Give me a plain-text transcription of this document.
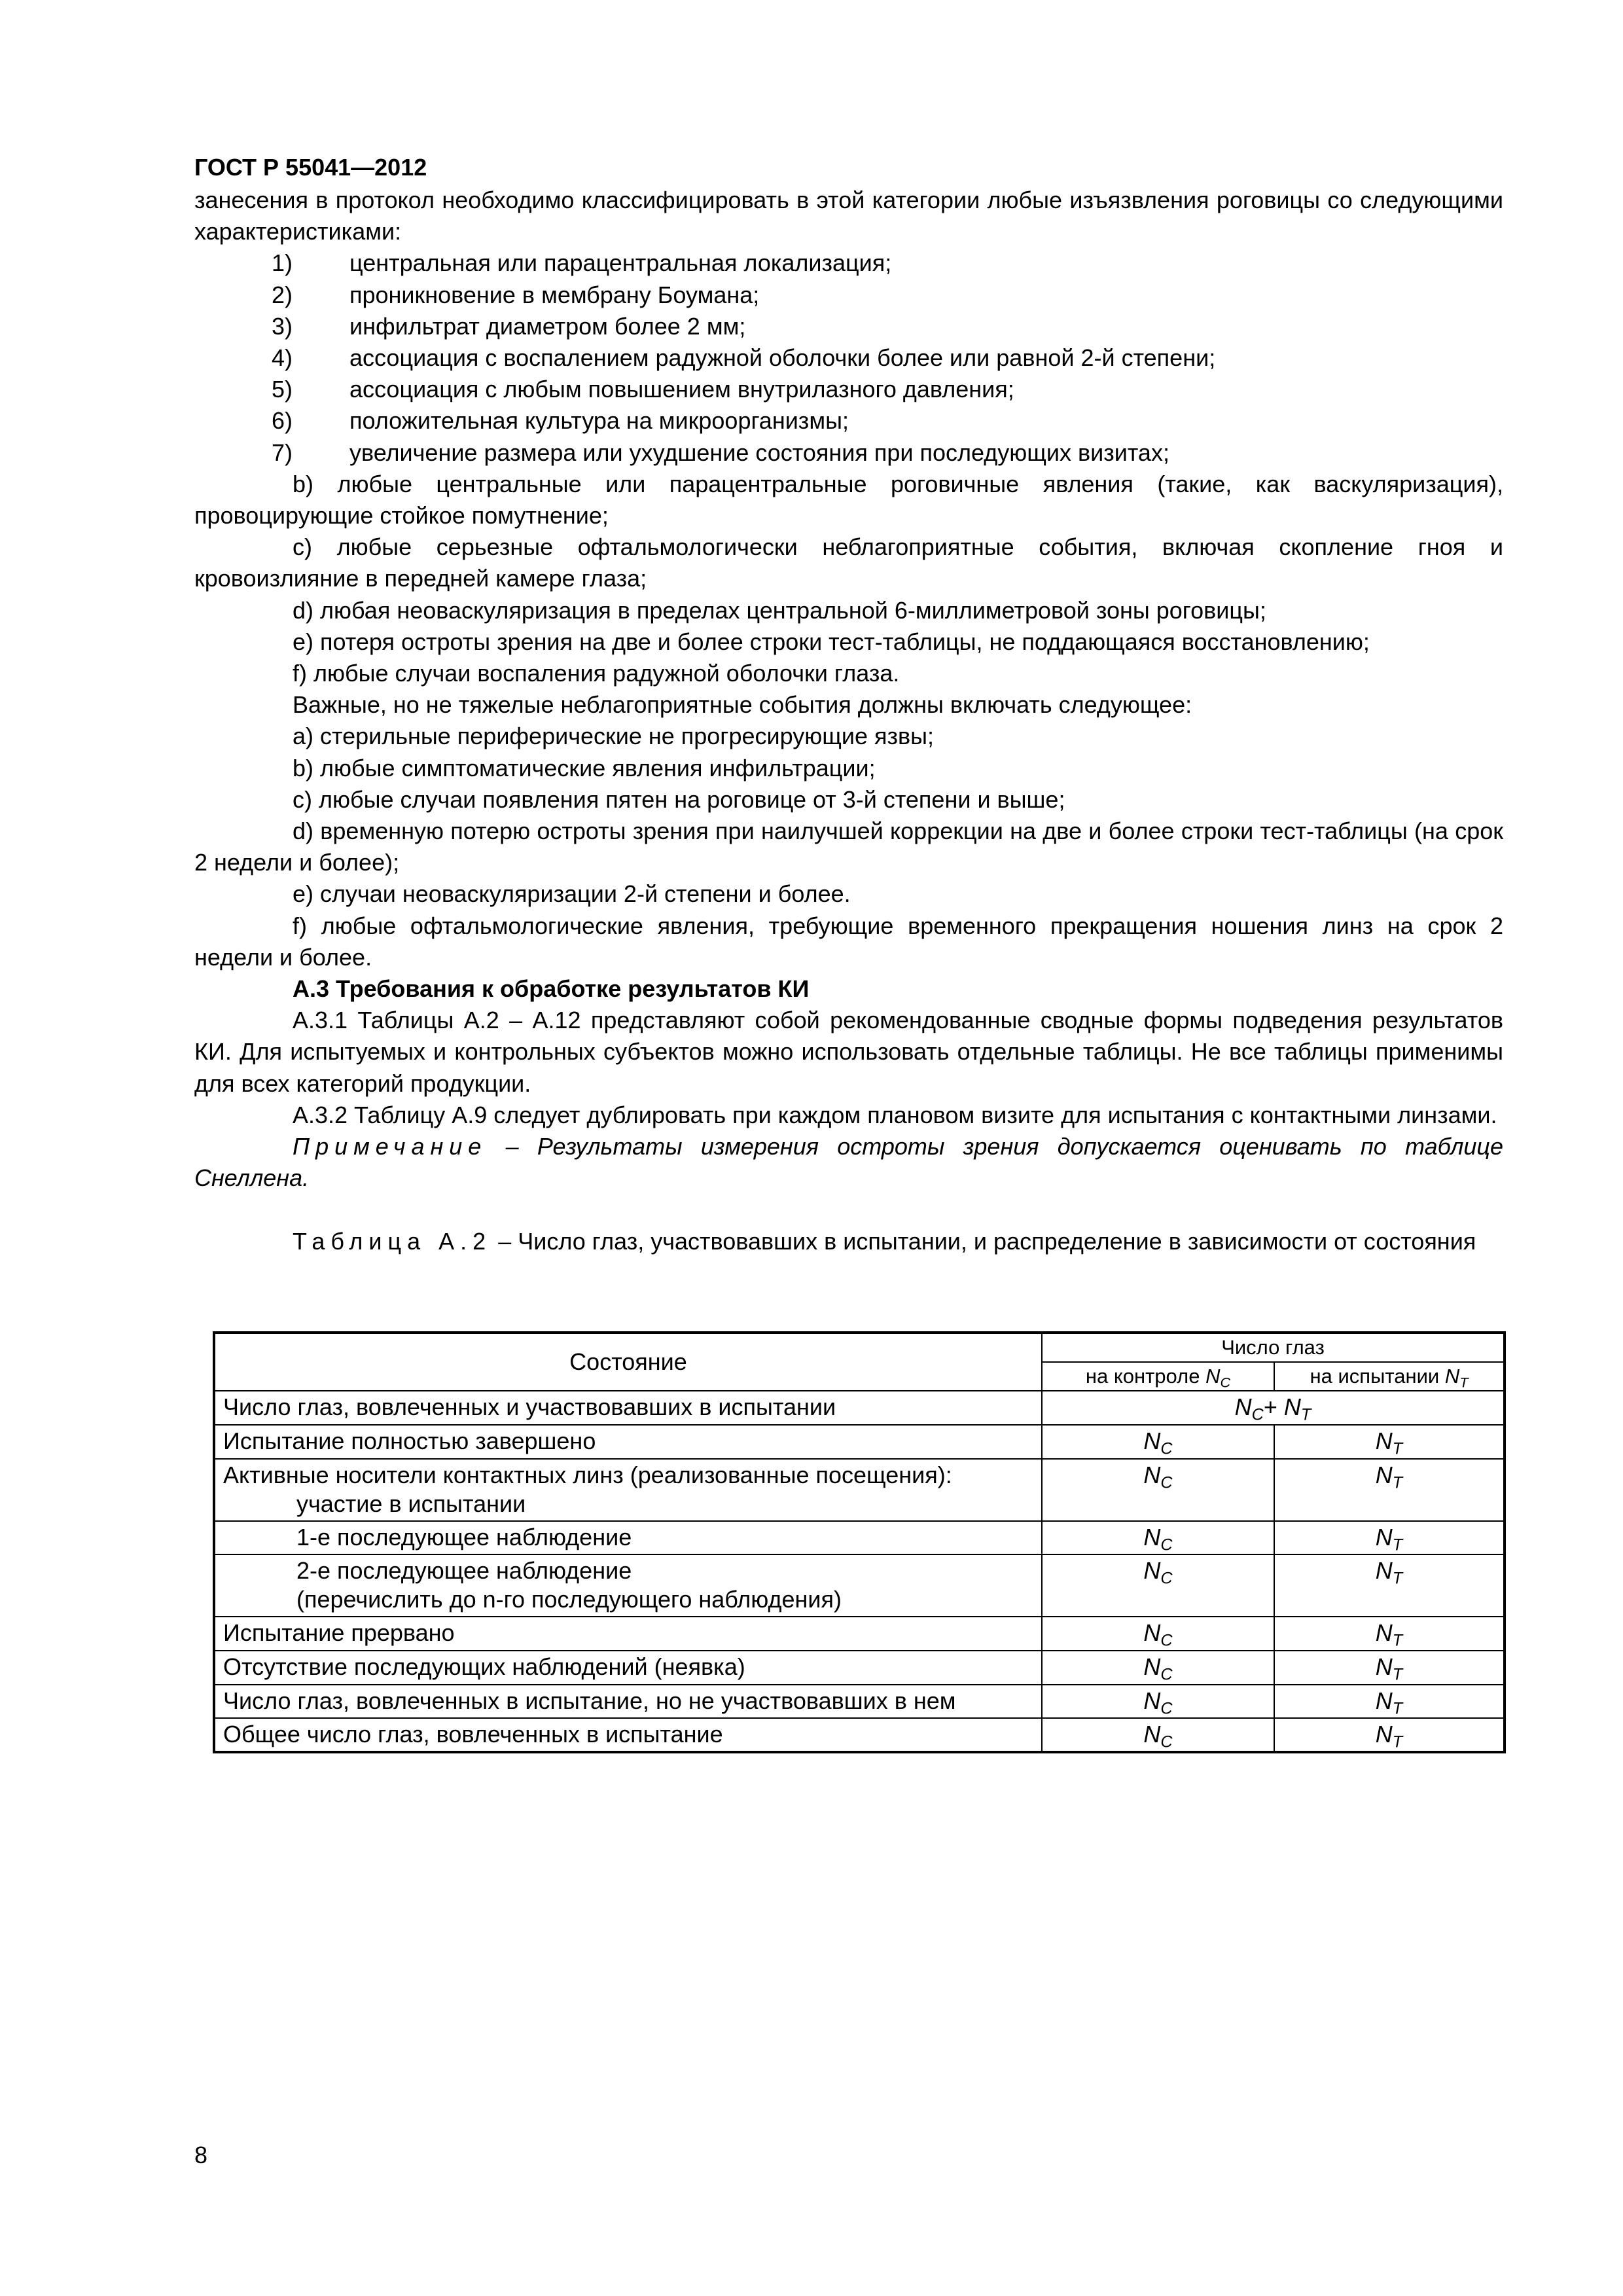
ГОСТ Р 55041—2012

занесения в протокол необходимо классифицировать в этой категории любые изъязвления роговицы со следующими характеристиками:

1)	центральная или парацентральная локализация;
2)	проникновение в мембрану Боумана;
3)	инфильтрат диаметром более 2 мм;
4)	ассоциация с воспалением радужной оболочки более или равной 2-й степени;
5)	ассоциация с любым повышением внутрилазного давления;
6)	положительная культура на микроорганизмы;
7)	увеличение размера или ухудшение состояния при последующих визитах;

b) любые центральные или парацентральные роговичные явления (такие, как васкуляризация), провоцирующие стойкое помутнение;

c) любые серьезные офтальмологически неблагоприятные события, включая скопление гноя и кровоизлияние в передней камере глаза;

d) любая неоваскуляризация в пределах центральной 6-миллиметровой зоны роговицы;

e) потеря остроты зрения на две и более строки тест-таблицы, не поддающаяся восстановлению;

f) любые случаи воспаления радужной оболочки глаза.

Важные, но не тяжелые неблагоприятные события должны включать следующее:

а) стерильные периферические не прогресирующие язвы;

b) любые симптоматические явления инфильтрации;

c) любые случаи появления пятен на роговице от 3-й степени и выше;

d) временную потерю остроты зрения при наилучшей коррекции на две и более строки тест-таблицы (на срок 2 недели и более);

e) случаи неоваскуляризации 2-й степени и более.

f) любые офтальмологические явления, требующие временного прекращения ношения линз на срок 2 недели и более.

А.3 Требования к обработке результатов КИ

А.3.1 Таблицы А.2 – А.12 представляют собой рекомендованные сводные формы подведения результатов КИ. Для испытуемых и контрольных субъектов можно использовать отдельные таблицы. Не все таблицы применимы для всех категорий продукции.

А.3.2 Таблицу А.9 следует дублировать при каждом плановом визите для испытания с контактными линзами.

Примечание – Результаты измерения остроты зрения допускается оценивать по таблице Снеллена.

Таблица А.2 – Число глаз, участвовавших в испытании, и распределение в зависимости от состояния

Состояние	Число глаз	
	на контроле $N_C$	на испытании $N_T$
Число глаз, вовлеченных и участвовавших в испытании	$N_C+ N_T$
Испытание полностью завершено	$N_C$	$N_T$
Активные носители контактных линз (реализованные посещения):
участие в испытании	$N_C$	$N_T$

1-е последующее наблюдение	$N_C$	$N_T$

2-е последующее наблюдение
(перечислить до n-го последующего наблюдения)	$N_C$	$N_T$
Испытание прервано	$N_C$	$N_T$
Отсутствие последующих наблюдений (неявка)	$N_C$	$N_T$
Число глаз, вовлеченных в испытание, но не участвовавших в нем	$N_C$	$N_T$
Общее число глаз, вовлеченных в испытание	$N_C$	$N_T$
8
